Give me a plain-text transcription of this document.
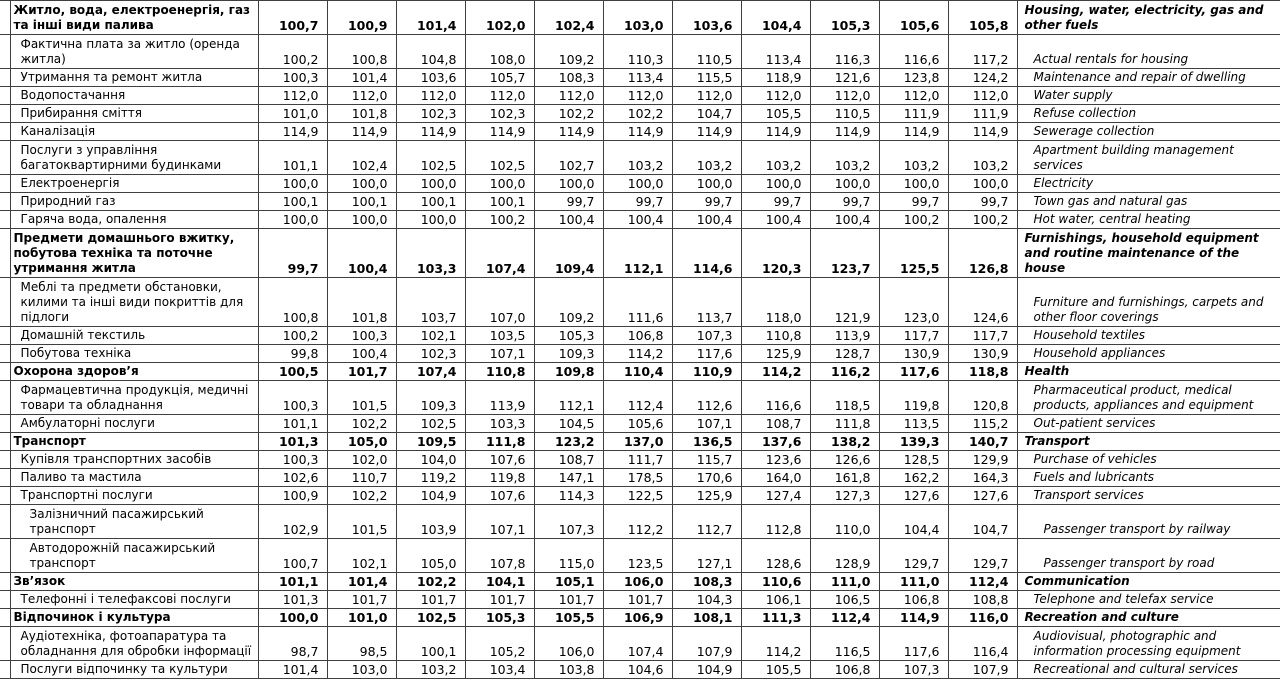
	Житло, вода, електроенергія, газ та інші види палива	100,7	100,9	101,4	102,0	102,4	103,0	103,6	104,4	105,3	105,6	105,8	Housing, water, electricity, gas and other fuels
	Фактична плата за житло (оренда житла)	100,2	100,8	104,8	108,0	109,2	110,3	110,5	113,4	116,3	116,6	117,2	Actual rentals for housing
	Утримання та ремонт житла	100,3	101,4	103,6	105,7	108,3	113,4	115,5	118,9	121,6	123,8	124,2	Maintenance and repair of dwelling
	Водопостачання	112,0	112,0	112,0	112,0	112,0	112,0	112,0	112,0	112,0	112,0	112,0	Water supply
	Прибирання сміття	101,0	101,8	102,3	102,3	102,2	102,2	104,7	105,5	110,5	111,9	111,9	Refuse collection
	Каналізація	114,9	114,9	114,9	114,9	114,9	114,9	114,9	114,9	114,9	114,9	114,9	Sewerage collection
	Послуги з управління багатоквартирними будинками	101,1	102,4	102,5	102,5	102,7	103,2	103,2	103,2	103,2	103,2	103,2	Apartment building management services
	Електроенергія	100,0	100,0	100,0	100,0	100,0	100,0	100,0	100,0	100,0	100,0	100,0	Electricity
	Природний газ	100,1	100,1	100,1	100,1	99,7	99,7	99,7	99,7	99,7	99,7	99,7	Town gas and natural gas
	Гаряча вода, опалення	100,0	100,0	100,0	100,2	100,4	100,4	100,4	100,4	100,4	100,2	100,2	Hot water, central heating
	Предмети домашнього вжитку, побутова техніка та поточне утримання житла	99,7	100,4	103,3	107,4	109,4	112,1	114,6	120,3	123,7	125,5	126,8	Furnishings, household equipment and routine maintenance of the house
	Меблі та предмети обстановки, килими та інші види покриттів для підлоги	100,8	101,8	103,7	107,0	109,2	111,6	113,7	118,0	121,9	123,0	124,6	Furniture and furnishings, carpets and other floor coverings
	Домашній текстиль	100,2	100,3	102,1	103,5	105,3	106,8	107,3	110,8	113,9	117,7	117,7	Household textiles
	Побутова техніка	99,8	100,4	102,3	107,1	109,3	114,2	117,6	125,9	128,7	130,9	130,9	Household appliances
	Охорона здоров’я	100,5	101,7	107,4	110,8	109,8	110,4	110,9	114,2	116,2	117,6	118,8	Health
	Фармацевтична продукція, медичні товари та обладнання	100,3	101,5	109,3	113,9	112,1	112,4	112,6	116,6	118,5	119,8	120,8	Pharmaceutical product, medical products, appliances and equipment
	Амбулаторні послуги	101,1	102,2	102,5	103,3	104,5	105,6	107,1	108,7	111,8	113,5	115,2	Out-patient services
	Транспорт	101,3	105,0	109,5	111,8	123,2	137,0	136,5	137,6	138,2	139,3	140,7	Transport
	Купівля транспортних засобів	100,3	102,0	104,0	107,6	108,7	111,7	115,7	123,6	126,6	128,5	129,9	Purchase of vehicles
	Паливо та мастила	102,6	110,7	119,2	119,8	147,1	178,5	170,6	164,0	161,8	162,2	164,3	Fuels and lubricants
	Транспортні послуги	100,9	102,2	104,9	107,6	114,3	122,5	125,9	127,4	127,3	127,6	127,6	Transport services
	Залізничний пасажирський транспорт	102,9	101,5	103,9	107,1	107,3	112,2	112,7	112,8	110,0	104,4	104,7	Passenger transport by railway
	Автодорожній пасажирський транспорт	100,7	102,1	105,0	107,8	115,0	123,5	127,1	128,6	128,9	129,7	129,7	Passenger transport by road
	Зв’язок	101,1	101,4	102,2	104,1	105,1	106,0	108,3	110,6	111,0	111,0	112,4	Communication
	Телефонні і телефаксові послуги	101,3	101,7	101,7	101,7	101,7	101,7	104,3	106,1	106,5	106,8	108,8	Telephone and telefax service
	Відпочинок і культура	100,0	101,0	102,5	105,3	105,5	106,9	108,1	111,3	112,4	114,9	116,0	Recreation and culture
	Аудіотехніка, фотоапаратура та обладнання для обробки інформації	98,7	98,5	100,1	105,2	106,0	107,4	107,9	114,2	116,5	117,6	116,4	Audiovisual, photographic and information processing equipment
	Послуги відпочинку та культури	101,4	103,0	103,2	103,4	103,8	104,6	104,9	105,5	106,8	107,3	107,9	Recreational and cultural services
